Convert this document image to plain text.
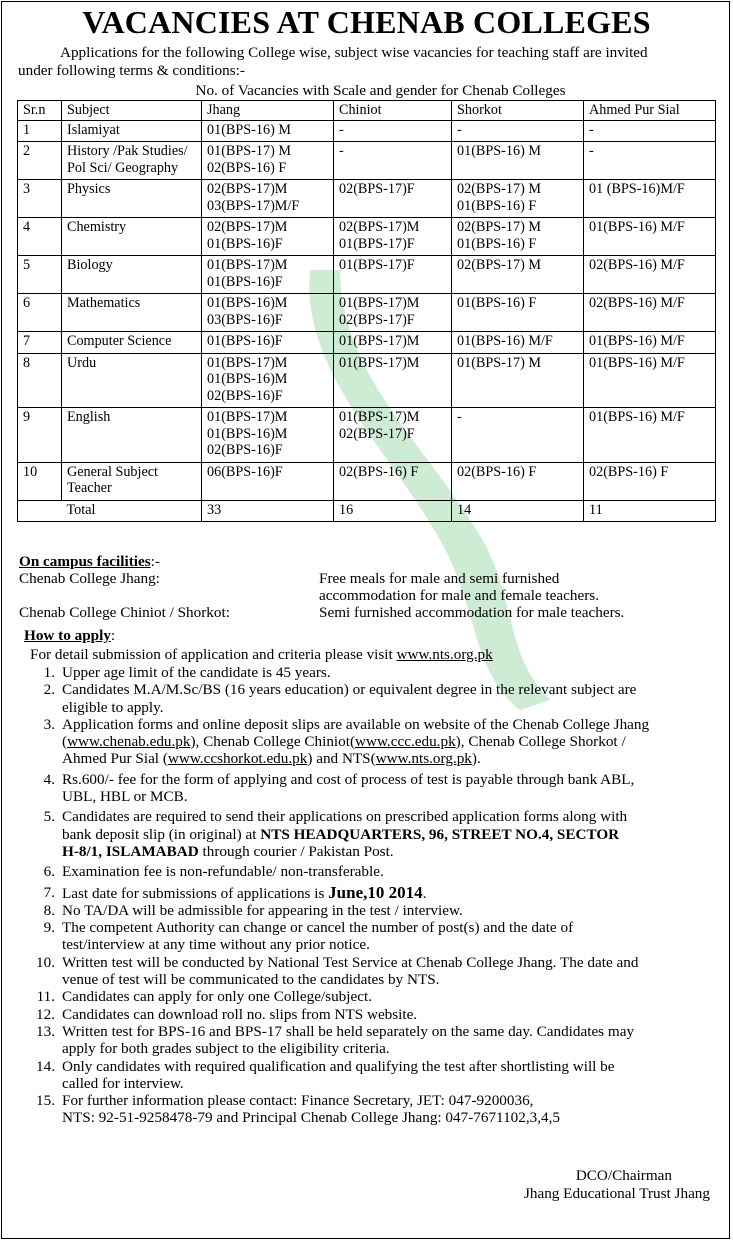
VACANCIES AT CHENAB COLLEGES
Applications for the following College wise, subject wise vacancies for teaching staff are invited
under following terms & conditions:-
No. of Vacancies with Scale and gender for Chenab Colleges
Sr.n	Subject	Jhang	Chiniot	Shorkot	Ahmed Pur Sial
1	Islamiyat	01(BPS-16) M	-	-	-

2	History /Pak Studies/ Pol Sci/ Geography	01(BPS-17) M
02(BPS-16) F	-	01(BPS-16) M	-

3	Physics	02(BPS-17)M
03(BPS-17)M/F	02(BPS-17)F	02(BPS-17) M
01(BPS-16) F	01 (BPS-16)M/F

4	Chemistry	02(BPS-17)M
01(BPS-16)F	02(BPS-17)M
01(BPS-17)F	02(BPS-17) M
01(BPS-16) F	01(BPS-16) M/F

5	Biology	01(BPS-17)M
01(BPS-16)F	01(BPS-17)F	02(BPS-17) M	02(BPS-16) M/F

6	Mathematics	01(BPS-16)M
03(BPS-16)F	01(BPS-17)M
02(BPS-17)F	01(BPS-16) F	02(BPS-16) M/F

7	Computer Science	01(BPS-16)F	01(BPS-17)M	01(BPS-16) M/F	01(BPS-16) M/F

8	Urdu	01(BPS-17)M
01(BPS-16)M
02(BPS-16)F	01(BPS-17)M	01(BPS-17) M	01(BPS-16) M/F

9	English	01(BPS-17)M
01(BPS-16)M
02(BPS-16)F	01(BPS-17)M
02(BPS-17)F	-	01(BPS-16) M/F

10	General Subject Teacher	06(BPS-16)F	02(BPS-16) F	02(BPS-16) F	02(BPS-16) F

	Total	33	16	14	11
On campus facilities:-
Chenab College Jhang:	Free meals for male and semi furnished
accommodation for male and female teachers.
Chenab College Chiniot / Shorkot:	Semi furnished accommodation for male teachers.
How to apply:
For detail submission of application and criteria please visit www.nts.org.pk
1. Upper age limit of the candidate is 45 years.
2. Candidates M.A/M.Sc/BS (16 years education) or equivalent degree in the relevant subject are
eligible to apply.
3. Application forms and online deposit slips are available on website of the Chenab College Jhang
(www.chenab.edu.pk), Chenab College Chiniot(www.ccc.edu.pk), Chenab College Shorkot /
Ahmed Pur Sial (www.ccshorkot.edu.pk) and NTS(www.nts.org.pk).
4. Rs.600/- fee for the form of applying and cost of process of test is payable through bank ABL,
UBL, HBL or MCB.
5. Candidates are required to send their applications on prescribed application forms along with
bank deposit slip (in original) at NTS HEADQUARTERS, 96, STREET NO.4, SECTOR
H-8/1, ISLAMABAD through courier / Pakistan Post.
6. Examination fee is non-refundable/ non-transferable.
7. Last date for submissions of applications is June,10 2014.
8. No TA/DA will be admissible for appearing in the test / interview.
9. The competent Authority can change or cancel the number of post(s) and the date of
test/interview at any time without any prior notice.
10. Written test will be conducted by National Test Service at Chenab College Jhang. The date and
venue of test will be communicated to the candidates by NTS.
11. Candidates can apply for only one College/subject.
12. Candidates can download roll no. slips from NTS website.
13. Written test for BPS-16 and BPS-17 shall be held separately on the same day. Candidates may
apply for both grades subject to the eligibility criteria.
14. Only candidates with required qualification and qualifying the test after shortlisting will be
called for interview.
15. For further information please contact: Finance Secretary, JET: 047-9200036,
NTS: 92-51-9258478-79 and Principal Chenab College Jhang: 047-7671102,3,4,5
DCO/Chairman
Jhang Educational Trust Jhang
